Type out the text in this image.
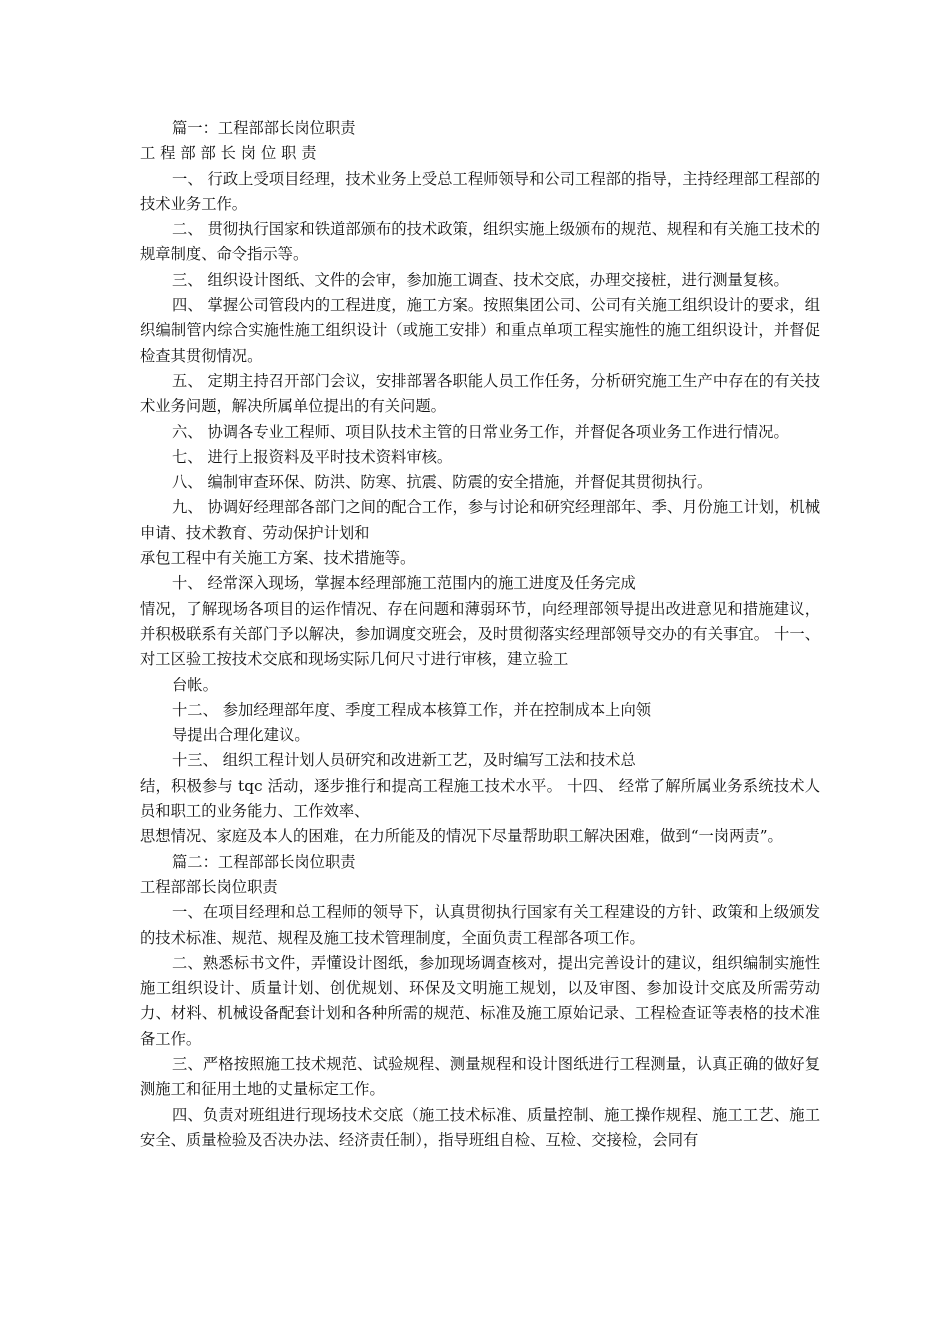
篇一：工程部部长岗位职责

工 程 部 部 长 岗 位 职 责

一、 行政上受项目经理，技术业务上受总工程师领导和公司工程部的指导，主持经理部工程部的技术业务工作。

二、 贯彻执行国家和铁道部颁布的技术政策，组织实施上级颁布的规范、规程和有关施工技术的规章制度、命令指示等。

三、 组织设计图纸、文件的会审，参加施工调查、技术交底，办理交接桩，进行测量复核。

四、 掌握公司管段内的工程进度，施工方案。按照集团公司、公司有关施工组织设计的要求，组织编制管内综合实施性施工组织设计（或施工安排）和重点单项工程实施性的施工组织设计，并督促检查其贯彻情况。

五、 定期主持召开部门会议，安排部署各职能人员工作任务，分析研究施工生产中存在的有关技术业务问题，解决所属单位提出的有关问题。

六、 协调各专业工程师、项目队技术主管的日常业务工作，并督促各项业务工作进行情况。

七、 进行上报资料及平时技术资料审核。

八、 编制审查环保、防洪、防寒、抗震、防震的安全措施，并督促其贯彻执行。

九、 协调好经理部各部门之间的配合工作，参与讨论和研究经理部年、季、月份施工计划，机械申请、技术教育、劳动保护计划和

承包工程中有关施工方案、技术措施等。

十、 经常深入现场，掌握本经理部施工范围内的施工进度及任务完成

情况，了解现场各项目的运作情况、存在问题和薄弱环节，向经理部领导提出改进意见和措施建议，并积极联系有关部门予以解决，参加调度交班会，及时贯彻落实经理部领导交办的有关事宜。 十一、 对工区验工按技术交底和现场实际几何尺寸进行审核，建立验工

台帐。

十二、 参加经理部年度、季度工程成本核算工作，并在控制成本上向领

导提出合理化建议。

十三、 组织工程计划人员研究和改进新工艺，及时编写工法和技术总

结，积极参与 tqc 活动，逐步推行和提高工程施工技术水平。 十四、 经常了解所属业务系统技术人员和职工的业务能力、工作效率、

思想情况、家庭及本人的困难，在力所能及的情况下尽量帮助职工解决困难，做到“一岗两责”。

篇二：工程部部长岗位职责

工程部部长岗位职责

一、在项目经理和总工程师的领导下，认真贯彻执行国家有关工程建设的方针、政策和上级颁发的技术标准、规范、规程及施工技术管理制度，全面负责工程部各项工作。

二、熟悉标书文件，弄懂设计图纸，参加现场调查核对，提出完善设计的建议，组织编制实施性施工组织设计、质量计划、创优规划、环保及文明施工规划，以及审图、参加设计交底及所需劳动力、材料、机械设备配套计划和各种所需的规范、标准及施工原始记录、工程检查证等表格的技术准备工作。

三、严格按照施工技术规范、试验规程、测量规程和设计图纸进行工程测量，认真正确的做好复测施工和征用土地的丈量标定工作。

四、负责对班组进行现场技术交底（施工技术标准、质量控制、施工操作规程、施工工艺、施工安全、质量检验及否决办法、经济责任制），指导班组自检、互检、交接检，会同有
